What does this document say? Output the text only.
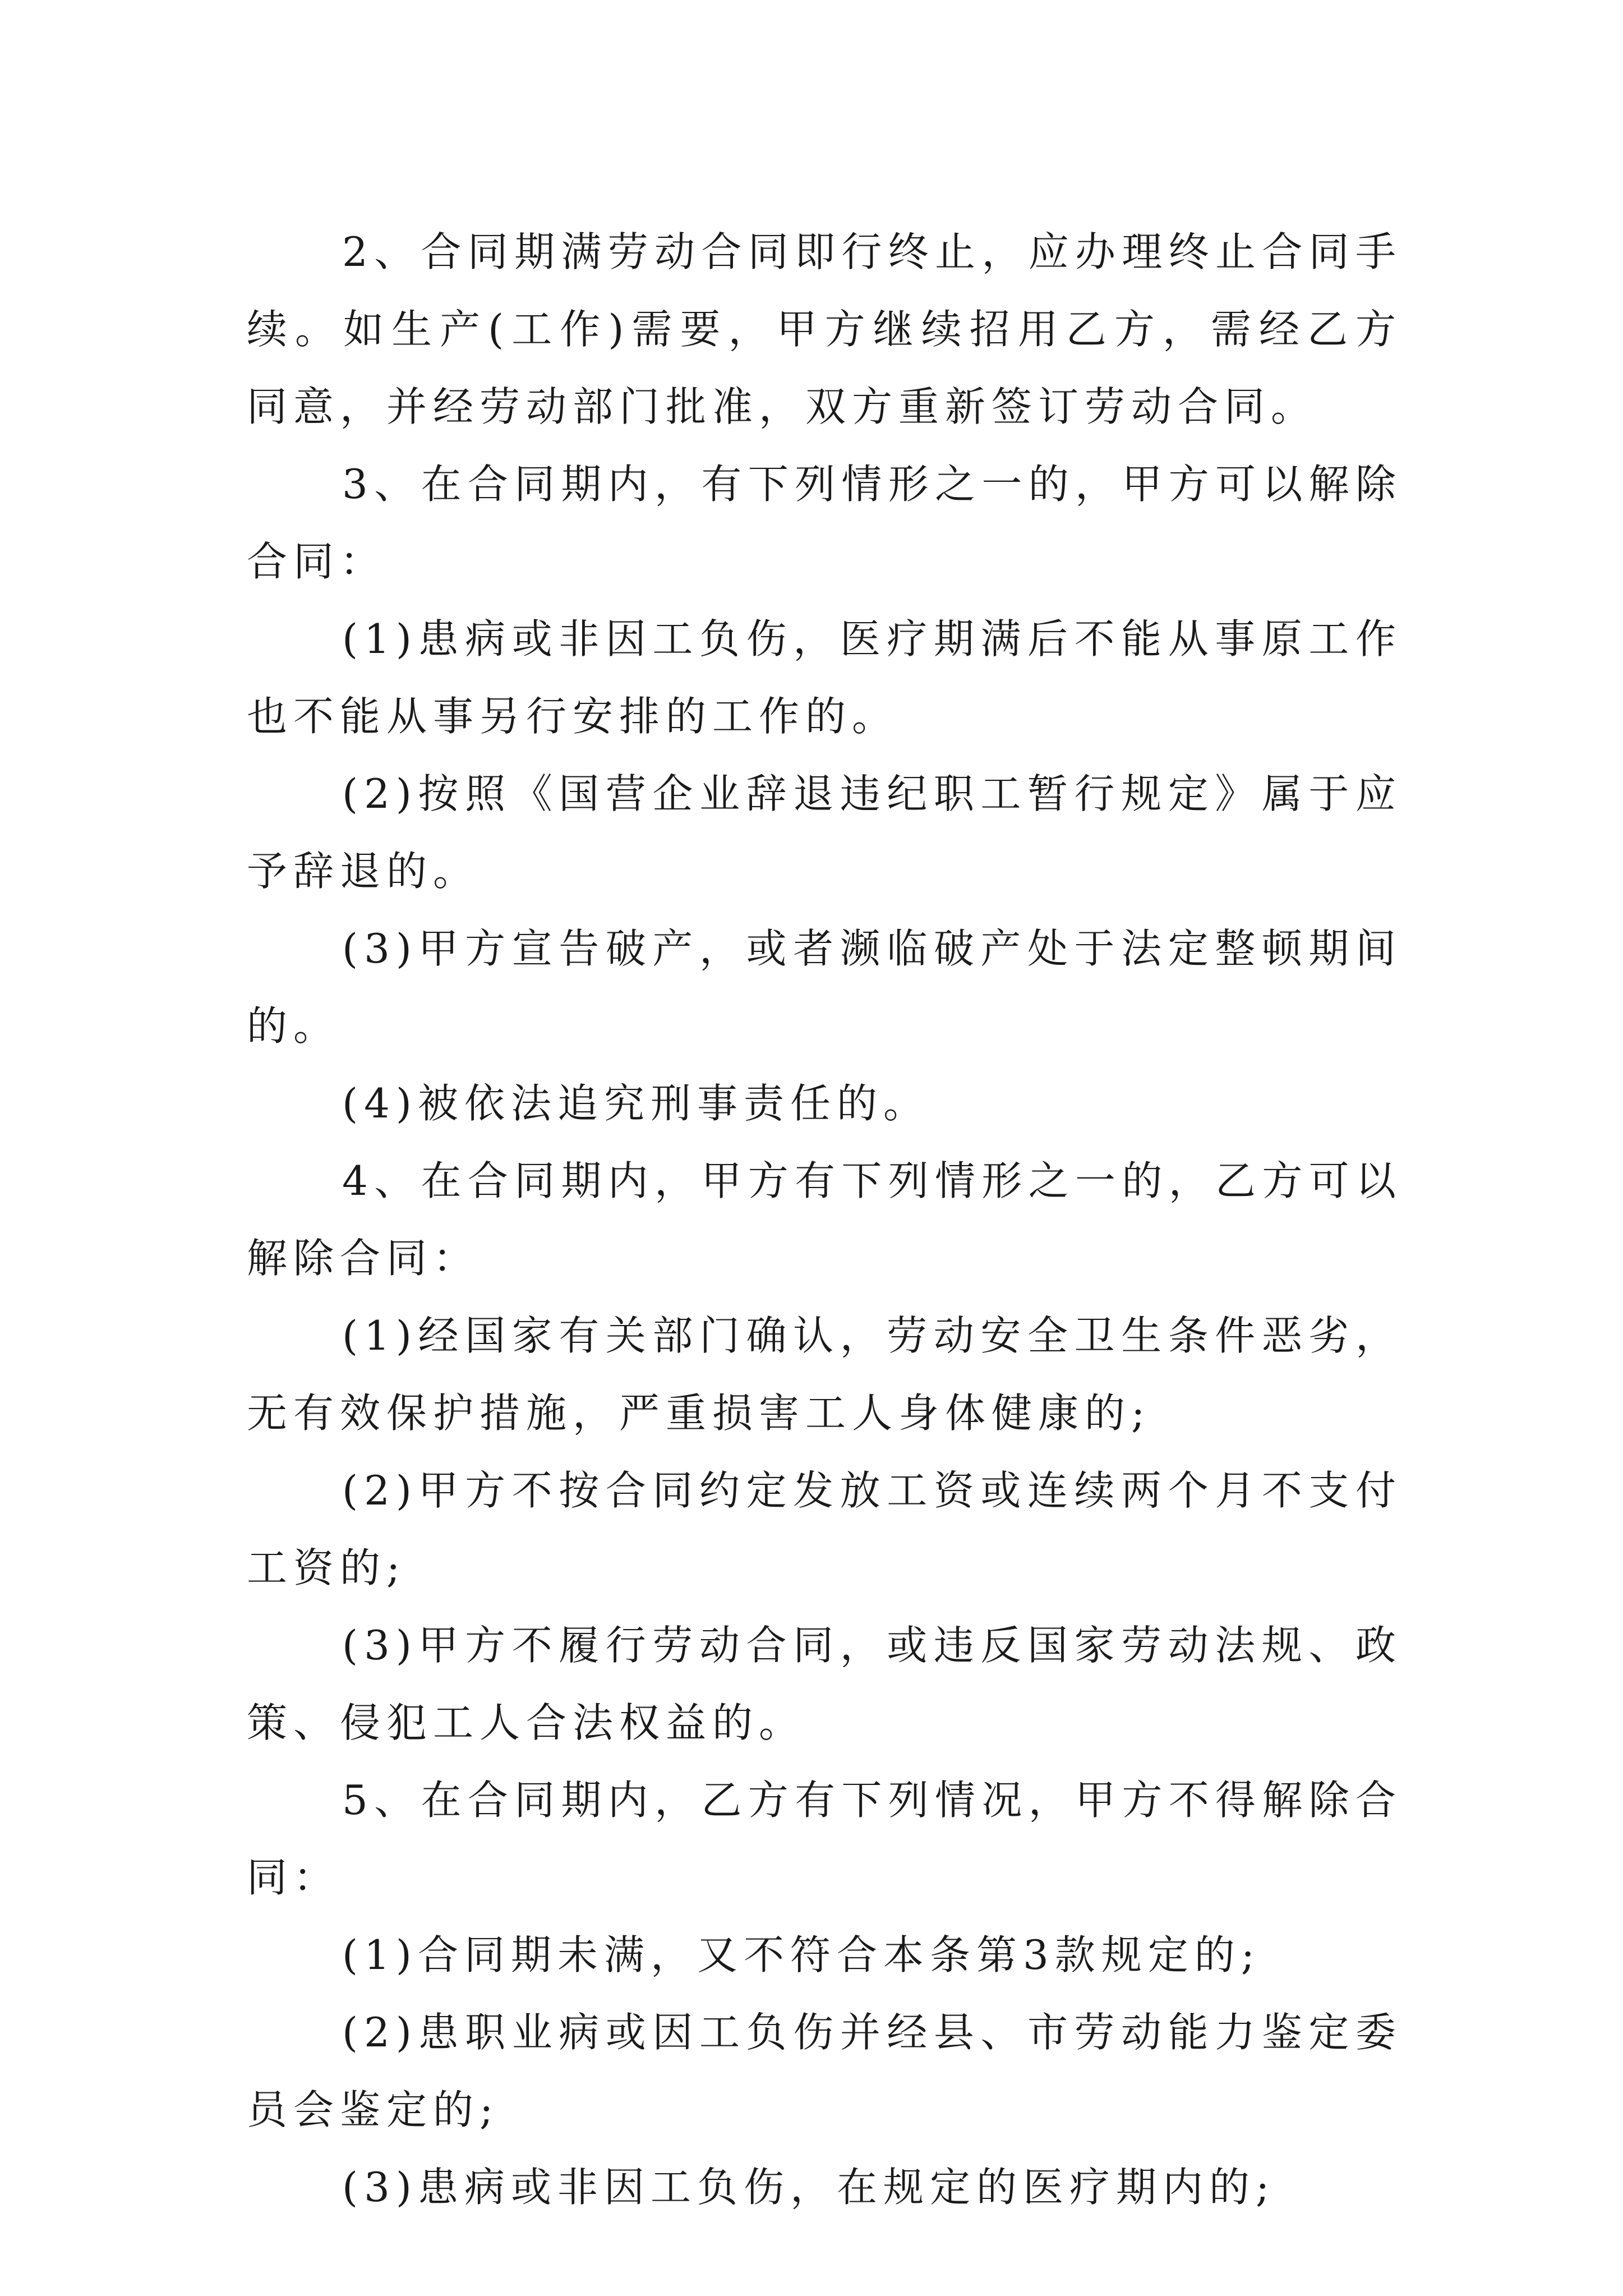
2、合同期满劳动合同即行终止，应办理终止合同手续。如生产(工作)需要，甲方继续招用乙方，需经乙方同意，并经劳动部门批准，双方重新签订劳动合同。

3、在合同期内，有下列情形之一的，甲方可以解除合同：

(1)患病或非因工负伤，医疗期满后不能从事原工作也不能从事另行安排的工作的。

(2)按照《国营企业辞退违纪职工暂行规定》属于应予辞退的。

(3)甲方宣告破产，或者濒临破产处于法定整顿期间的。

(4)被依法追究刑事责任的。

4、在合同期内，甲方有下列情形之一的，乙方可以解除合同：

(1)经国家有关部门确认，劳动安全卫生条件恶劣，无有效保护措施，严重损害工人身体健康的;

(2)甲方不按合同约定发放工资或连续两个月不支付工资的;

(3)甲方不履行劳动合同，或违反国家劳动法规、政策、侵犯工人合法权益的。

5、在合同期内，乙方有下列情况，甲方不得解除合同：

(1)合同期未满，又不符合本条第3款规定的;

(2)患职业病或因工负伤并经县、市劳动能力鉴定委员会鉴定的;

(3)患病或非因工负伤，在规定的医疗期内的;
